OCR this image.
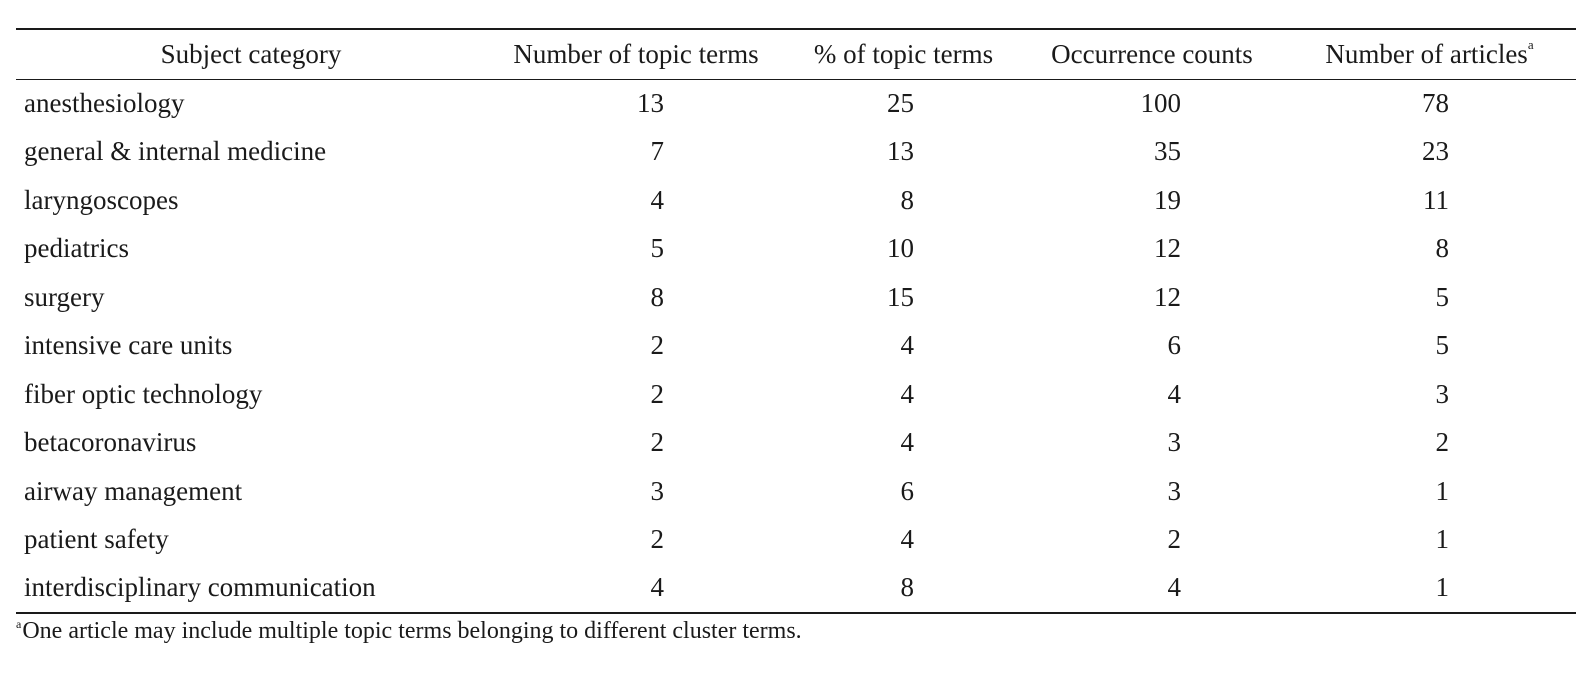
Subject category	Number of topic terms	% of topic terms	Occurrence counts	Number of articles$^a$
anesthesiology	13	25	100	78
general & internal medicine	7	13	35	23
laryngoscopes	4	8	19	11
pediatrics	5	10	12	8
surgery	8	15	12	5
intensive care units	2	4	6	5
fiber optic technology	2	4	4	3
betacoronavirus	2	4	3	2
airway management	3	6	3	1
patient safety	2	4	2	1
interdisciplinary communication	4	8	4	1
$^a$One article may include multiple topic terms belonging to different cluster terms.
